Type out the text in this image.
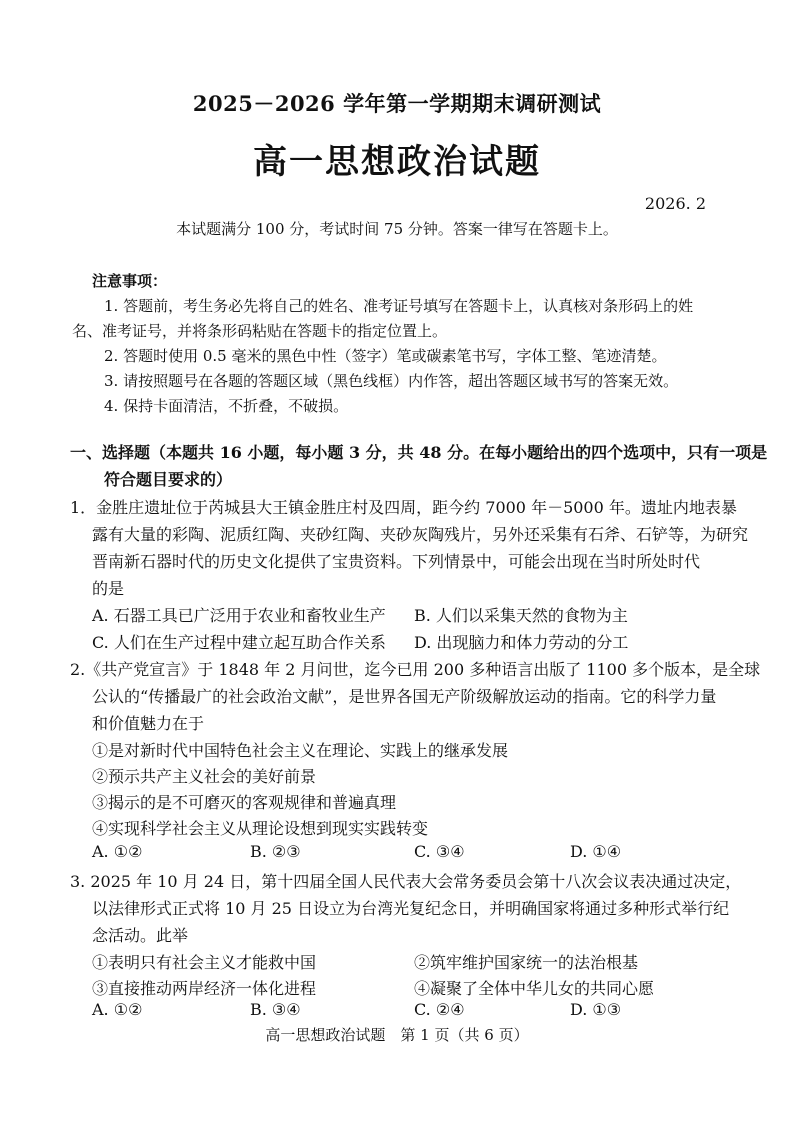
2025－2026 学年第一学期期末调研测试
高一思想政治试题
2026. 2
本试题满分 100 分，考试时间 75 分钟。答案一律写在答题卡上。
注意事项：
1. 答题前，考生务必先将自己的姓名、准考证号填写在答题卡上，认真核对条形码上的姓
名、准考证号，并将条形码粘贴在答题卡的指定位置上。
2. 答题时使用 0.5 毫米的黑色中性（签字）笔或碳素笔书写，字体工整、笔迹清楚。
3. 请按照题号在各题的答题区域（黑色线框）内作答，超出答题区域书写的答案无效。
4. 保持卡面清洁，不折叠，不破损。
一、选择题（本题共 16 小题，每小题 3 分，共 48 分。在每小题给出的四个选项中，只有一项是
符合题目要求的）
1．金胜庄遗址位于芮城县大王镇金胜庄村及四周，距今约 7000 年－5000 年。遗址内地表暴
露有大量的彩陶、泥质红陶、夹砂红陶、夹砂灰陶残片，另外还采集有石斧、石铲等，为研究
晋南新石器时代的历史文化提供了宝贵资料。下列情景中，可能会出现在当时所处时代
的是
A. 石器工具已广泛用于农业和畜牧业生产 B. 人们以采集天然的食物为主
C. 人们在生产过程中建立起互助合作关系 D. 出现脑力和体力劳动的分工
2.《共产党宣言》于 1848 年 2 月问世，迄今已用 200 多种语言出版了 1100 多个版本，是全球
公认的“传播最广的社会政治文献”，是世界各国无产阶级解放运动的指南。它的科学力量
和价值魅力在于
①是对新时代中国特色社会主义在理论、实践上的继承发展
②预示共产主义社会的美好前景
③揭示的是不可磨灭的客观规律和普遍真理
④实现科学社会主义从理论设想到现实实践转变
A. ①②	B. ②③	C. ③④	D. ①④
3. 2025 年 10 月 24 日，第十四届全国人民代表大会常务委员会第十八次会议表决通过决定，
以法律形式正式将 10 月 25 日设立为台湾光复纪念日，并明确国家将通过多种形式举行纪
念活动。此举
①表明只有社会主义才能救中国	②筑牢维护国家统一的法治根基
③直接推动两岸经济一体化进程	④凝聚了全体中华儿女的共同心愿
高一思想政治试题　第 1 页（共 6 页）
A. ①②	B. ③④	C. ②④	D. ①③
